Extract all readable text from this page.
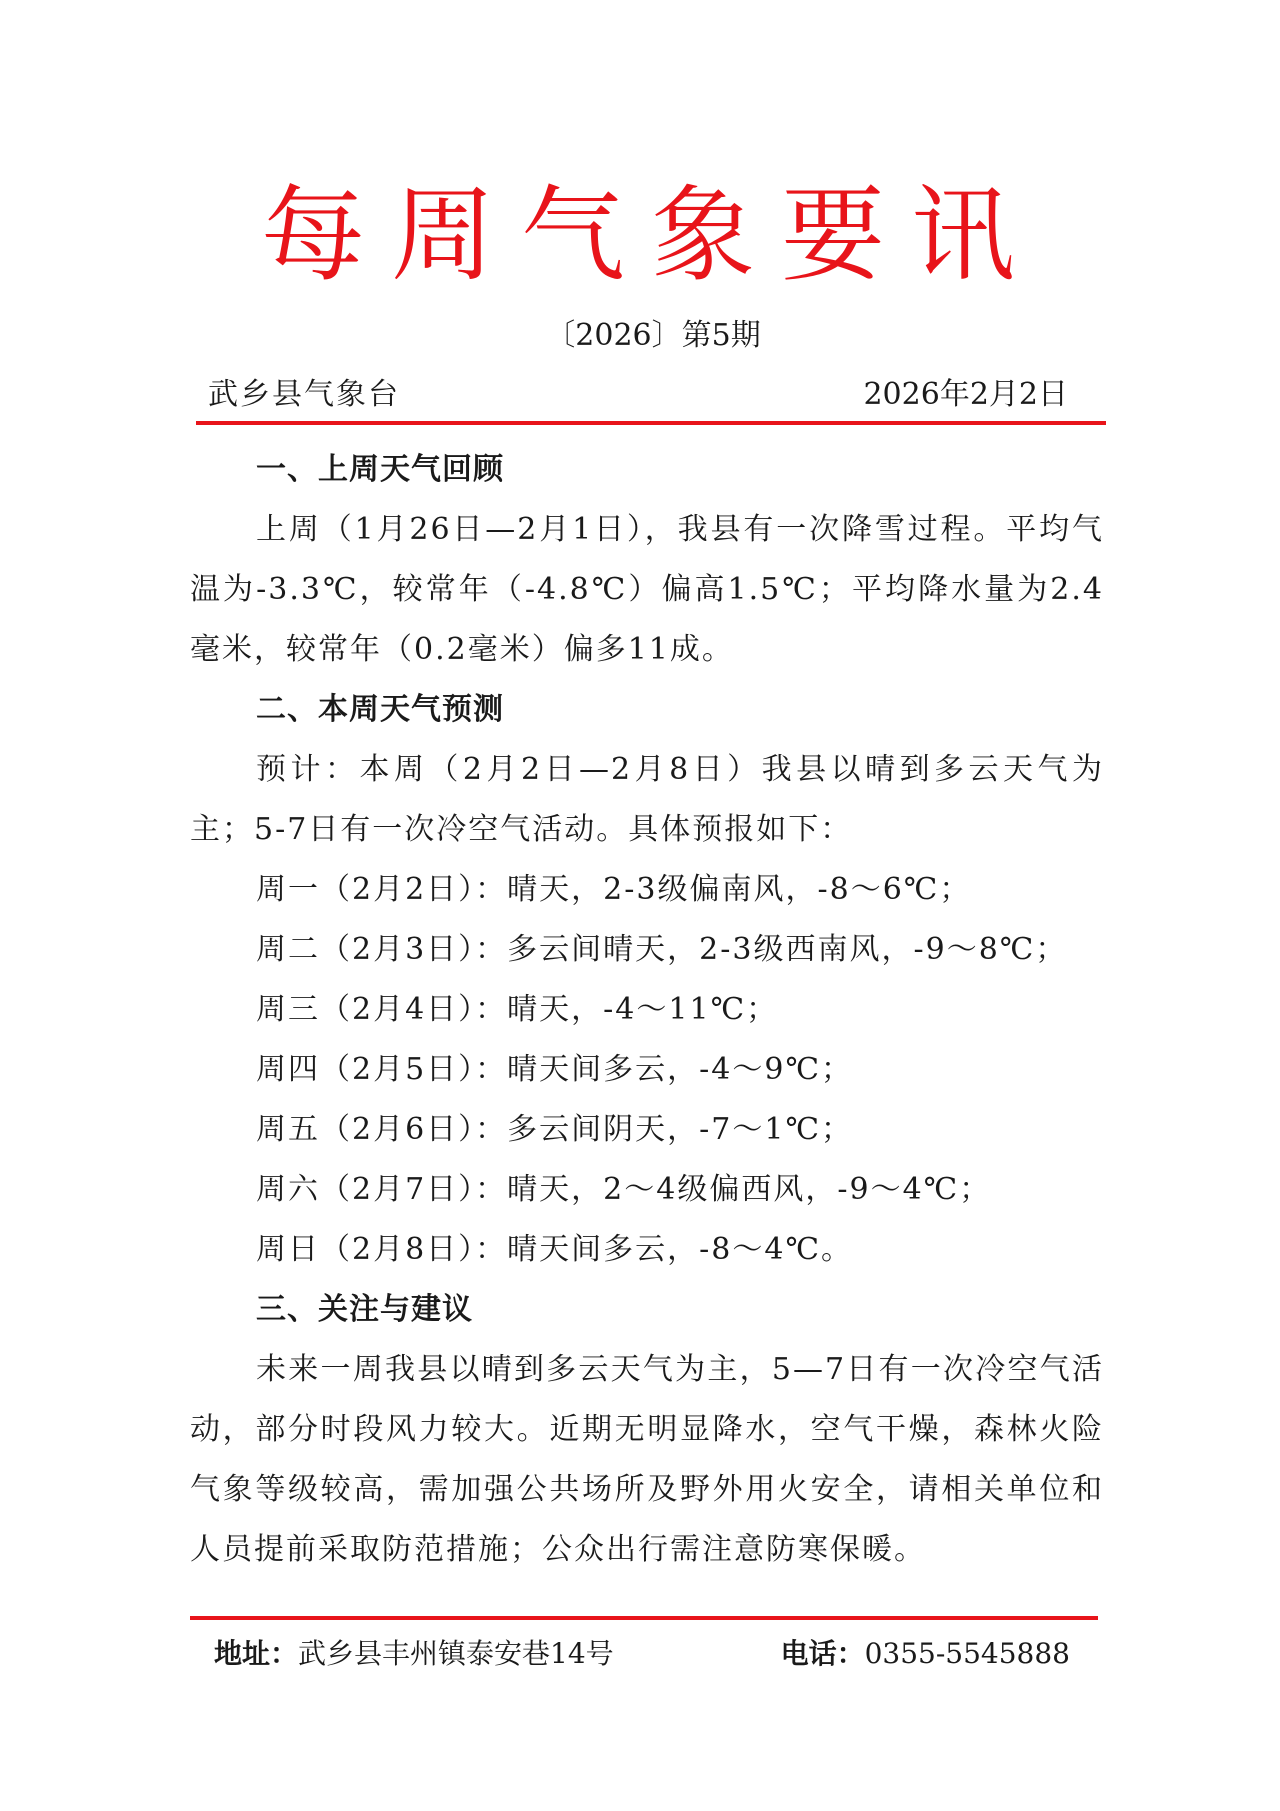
每周气象要讯
〔2026〕第5期
武乡县气象台	2026年2月2日
一、上周天气回顾

上周（1月26日—2月1日），我县有一次降雪过程。平均气温为-3.3℃，较常年（-4.8℃）偏高1.5℃；平均降水量为2.4毫米，较常年（0.2毫米）偏多11成。

二、本周天气预测

预计：本周（2月2日—2月8日）我县以晴到多云天气为主；5-7日有一次冷空气活动。具体预报如下：

周一（2月2日）：晴天，2-3级偏南风，-8～6℃；
周二（2月3日）：多云间晴天，2-3级西南风，-9～8℃；
周三（2月4日）：晴天，-4～11℃；
周四（2月5日）：晴天间多云，-4～9℃；
周五（2月6日）：多云间阴天，-7～1℃；
周六（2月7日）：晴天，2～4级偏西风，-9～4℃；
周日（2月8日）：晴天间多云，-8～4℃。
三、关注与建议

未来一周我县以晴到多云天气为主，5—7日有一次冷空气活动，部分时段风力较大。近期无明显降水，空气干燥，森林火险气象等级较高，需加强公共场所及野外用火安全，请相关单位和人员提前采取防范措施；公众出行需注意防寒保暖。

地址：武乡县丰州镇泰安巷14号	电话：0355-5545888
